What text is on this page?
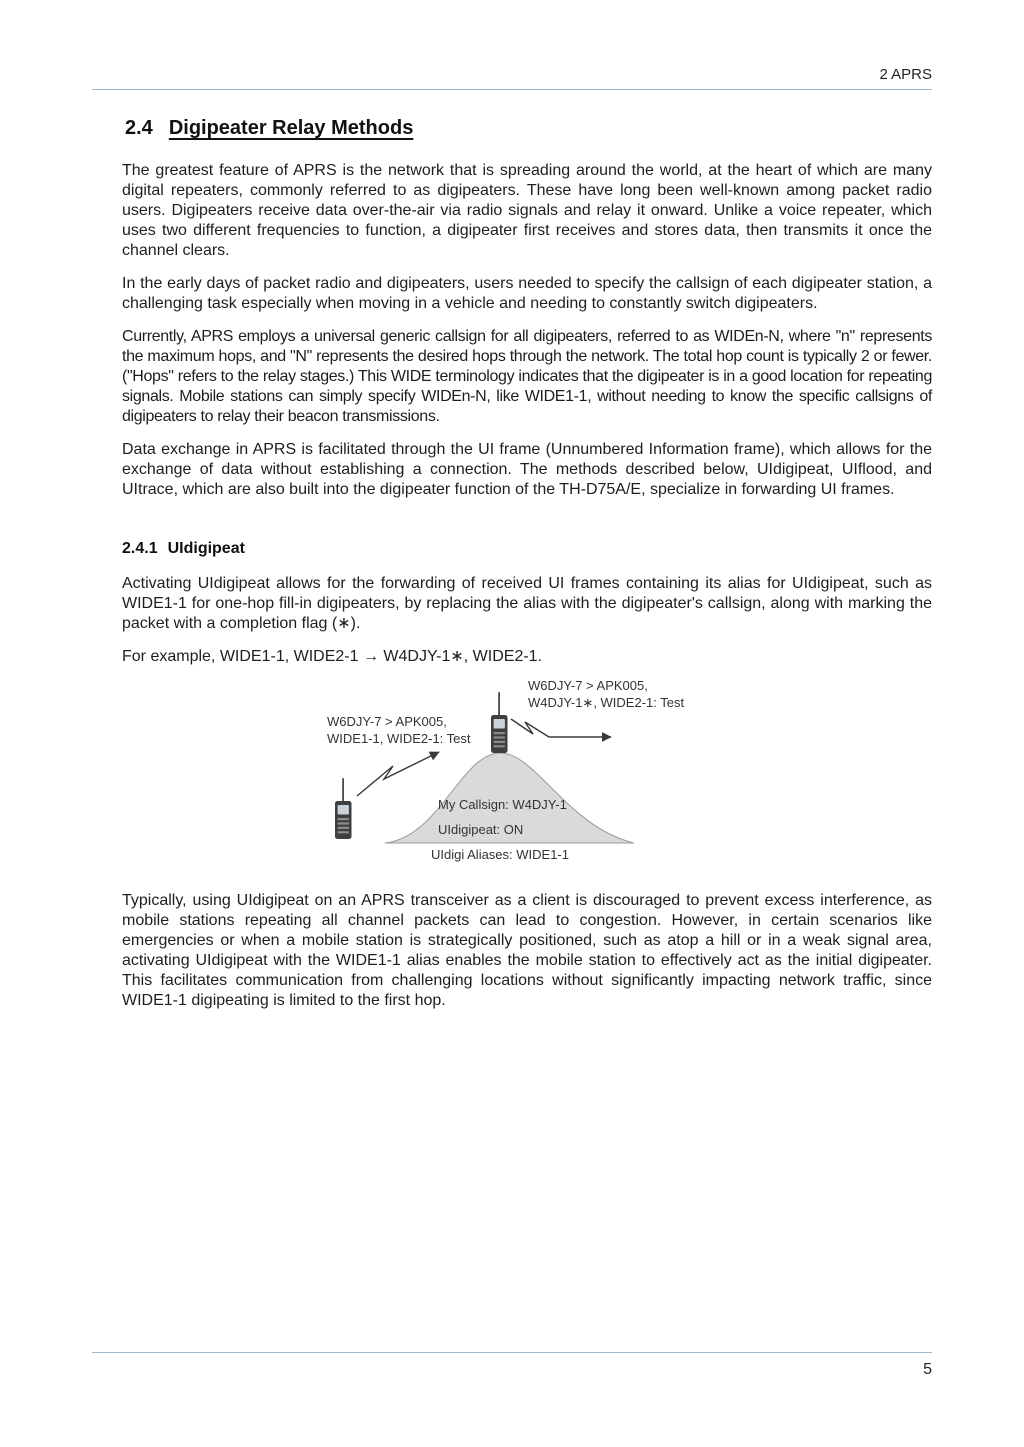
2 APRS
2.4 Digipeater Relay Methods

The greatest feature of APRS is the network that is spreading around the world, at the heart of which are many digital repeaters, commonly referred to as digipeaters. These have long been well-known among packet radio users. Digipeaters receive data over-the-air via radio signals and relay it onward. Unlike a voice repeater, which uses two different frequencies to function, a digipeater first receives and stores data, then transmits it once the channel clears.

In the early days of packet radio and digipeaters, users needed to specify the callsign of each digipeater station, a challenging task especially when moving in a vehicle and needing to constantly switch digipeaters.

Currently, APRS employs a universal generic callsign for all digipeaters, referred to as WIDEn-N, where "n" represents the maximum hops, and "N" represents the desired hops through the network. The total hop count is typically 2 or fewer. ("Hops" refers to the relay stages.) This WIDE terminology indicates that the digipeater is in a good location for repeating signals. Mobile stations can simply specify WIDEn-N, like WIDE1-1, without needing to know the specific callsigns of digipeaters to relay their beacon transmissions.

Data exchange in APRS is facilitated through the UI frame (Unnumbered Information frame), which allows for the exchange of data without establishing a connection. The methods described below, UIdigipeat, UIflood, and UItrace, which are also built into the digipeater function of the TH-D75A/E, specialize in forwarding UI frames.

2.4.1 UIdigipeat

Activating UIdigipeat allows for the forwarding of received UI frames containing its alias for UIdigipeat, such as WIDE1-1 for one-hop fill-in digipeaters, by replacing the alias with the digipeater's callsign, along with marking the packet with a completion flag (∗).

For example, WIDE1-1, WIDE2-1 → W4DJY-1∗, WIDE2-1.

W6DJY-7 > APK005,
W4DJY-1∗, WIDE2-1: Test
W6DJY-7 > APK005,
WIDE1-1, WIDE2-1: Test
My Callsign: W4DJY-1
UIdigipeat: ON
UIdigi Aliases: WIDE1-1

Typically, using UIdigipeat on an APRS transceiver as a client is discouraged to prevent excess interference, as mobile stations repeating all channel packets can lead to congestion. However, in certain scenarios like emergencies or when a mobile station is strategically positioned, such as atop a hill or in a weak signal area, activating UIdigipeat with the WIDE1-1 alias enables the mobile station to effectively act as the initial digipeater. This facilitates communication from challenging locations without significantly impacting network traffic, since WIDE1-1 digipeating is limited to the first hop.

5
